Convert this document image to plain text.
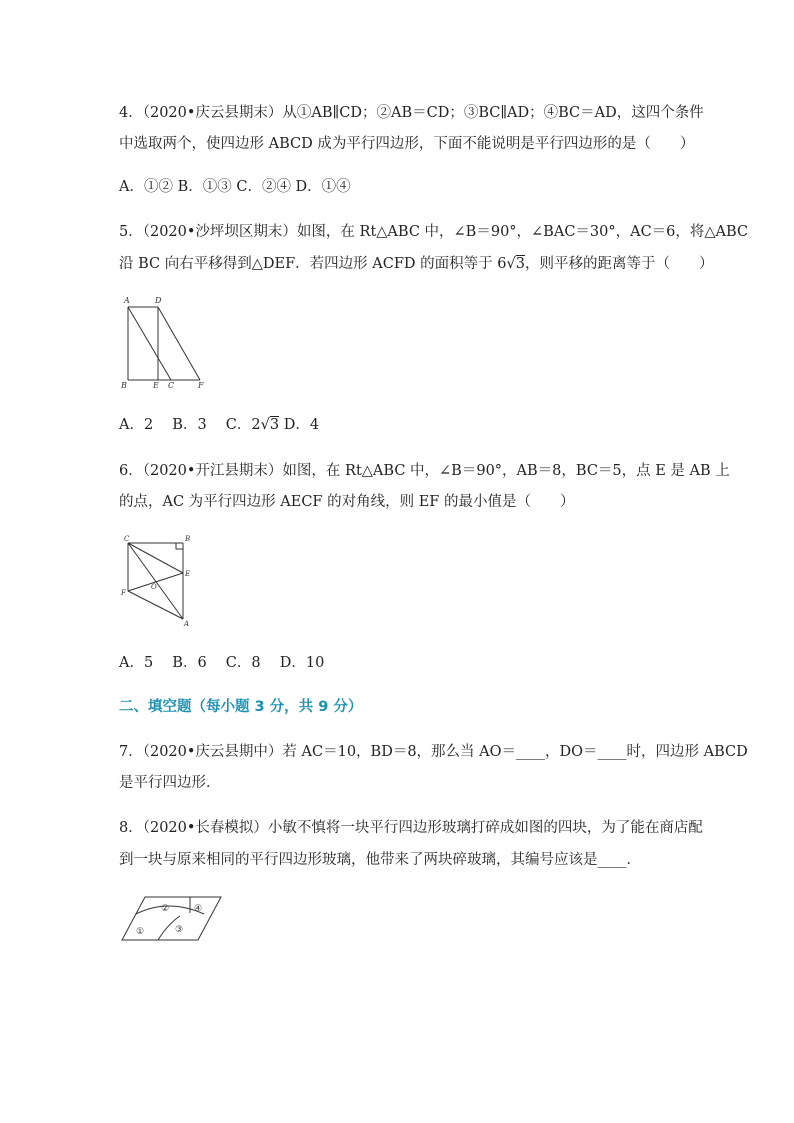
4．（2020•庆云县期末）从①AB∥CD；②AB＝CD；③BC∥AD；④BC＝AD，这四个条件
中选取两个，使四边形 ABCD 成为平行四边形，下面不能说明是平行四边形的是（　　）
A．①② B．①③ C．②④ D．①④
5．（2020•沙坪坝区期末）如图，在 Rt△ABC 中，∠B＝90°，∠BAC＝30°，AC＝6，将△ABC
沿 BC 向右平移得到△DEF．若四边形 ACFD 的面积等于 6√3，则平移的距离等于（　　）
A	D
B	E C	F
A．2　 B．3　 C．2√3 D．4
6．（2020•开江县期末）如图，在 Rt△ABC 中，∠B＝90°，AB＝8，BC＝5，点 E 是 AB 上
的点，AC 为平行四边形 AECF 的对角线，则 EF 的最小值是（　　）
C	B
E
F
O
A
A．5　 B．6　 C．8　 D．10
二、填空题（每小题 3 分，共 9 分）
7．（2020•庆云县期中）若 AC＝10，BD＝8，那么当 AO＝____，DO＝____时，四边形 ABCD
是平行四边形．
8．（2020•长春模拟）小敏不慎将一块平行四边形玻璃打碎成如图的四块，为了能在商店配
到一块与原来相同的平行四边形玻璃，他带来了两块碎玻璃，其编号应该是____．
②	④
①	③
